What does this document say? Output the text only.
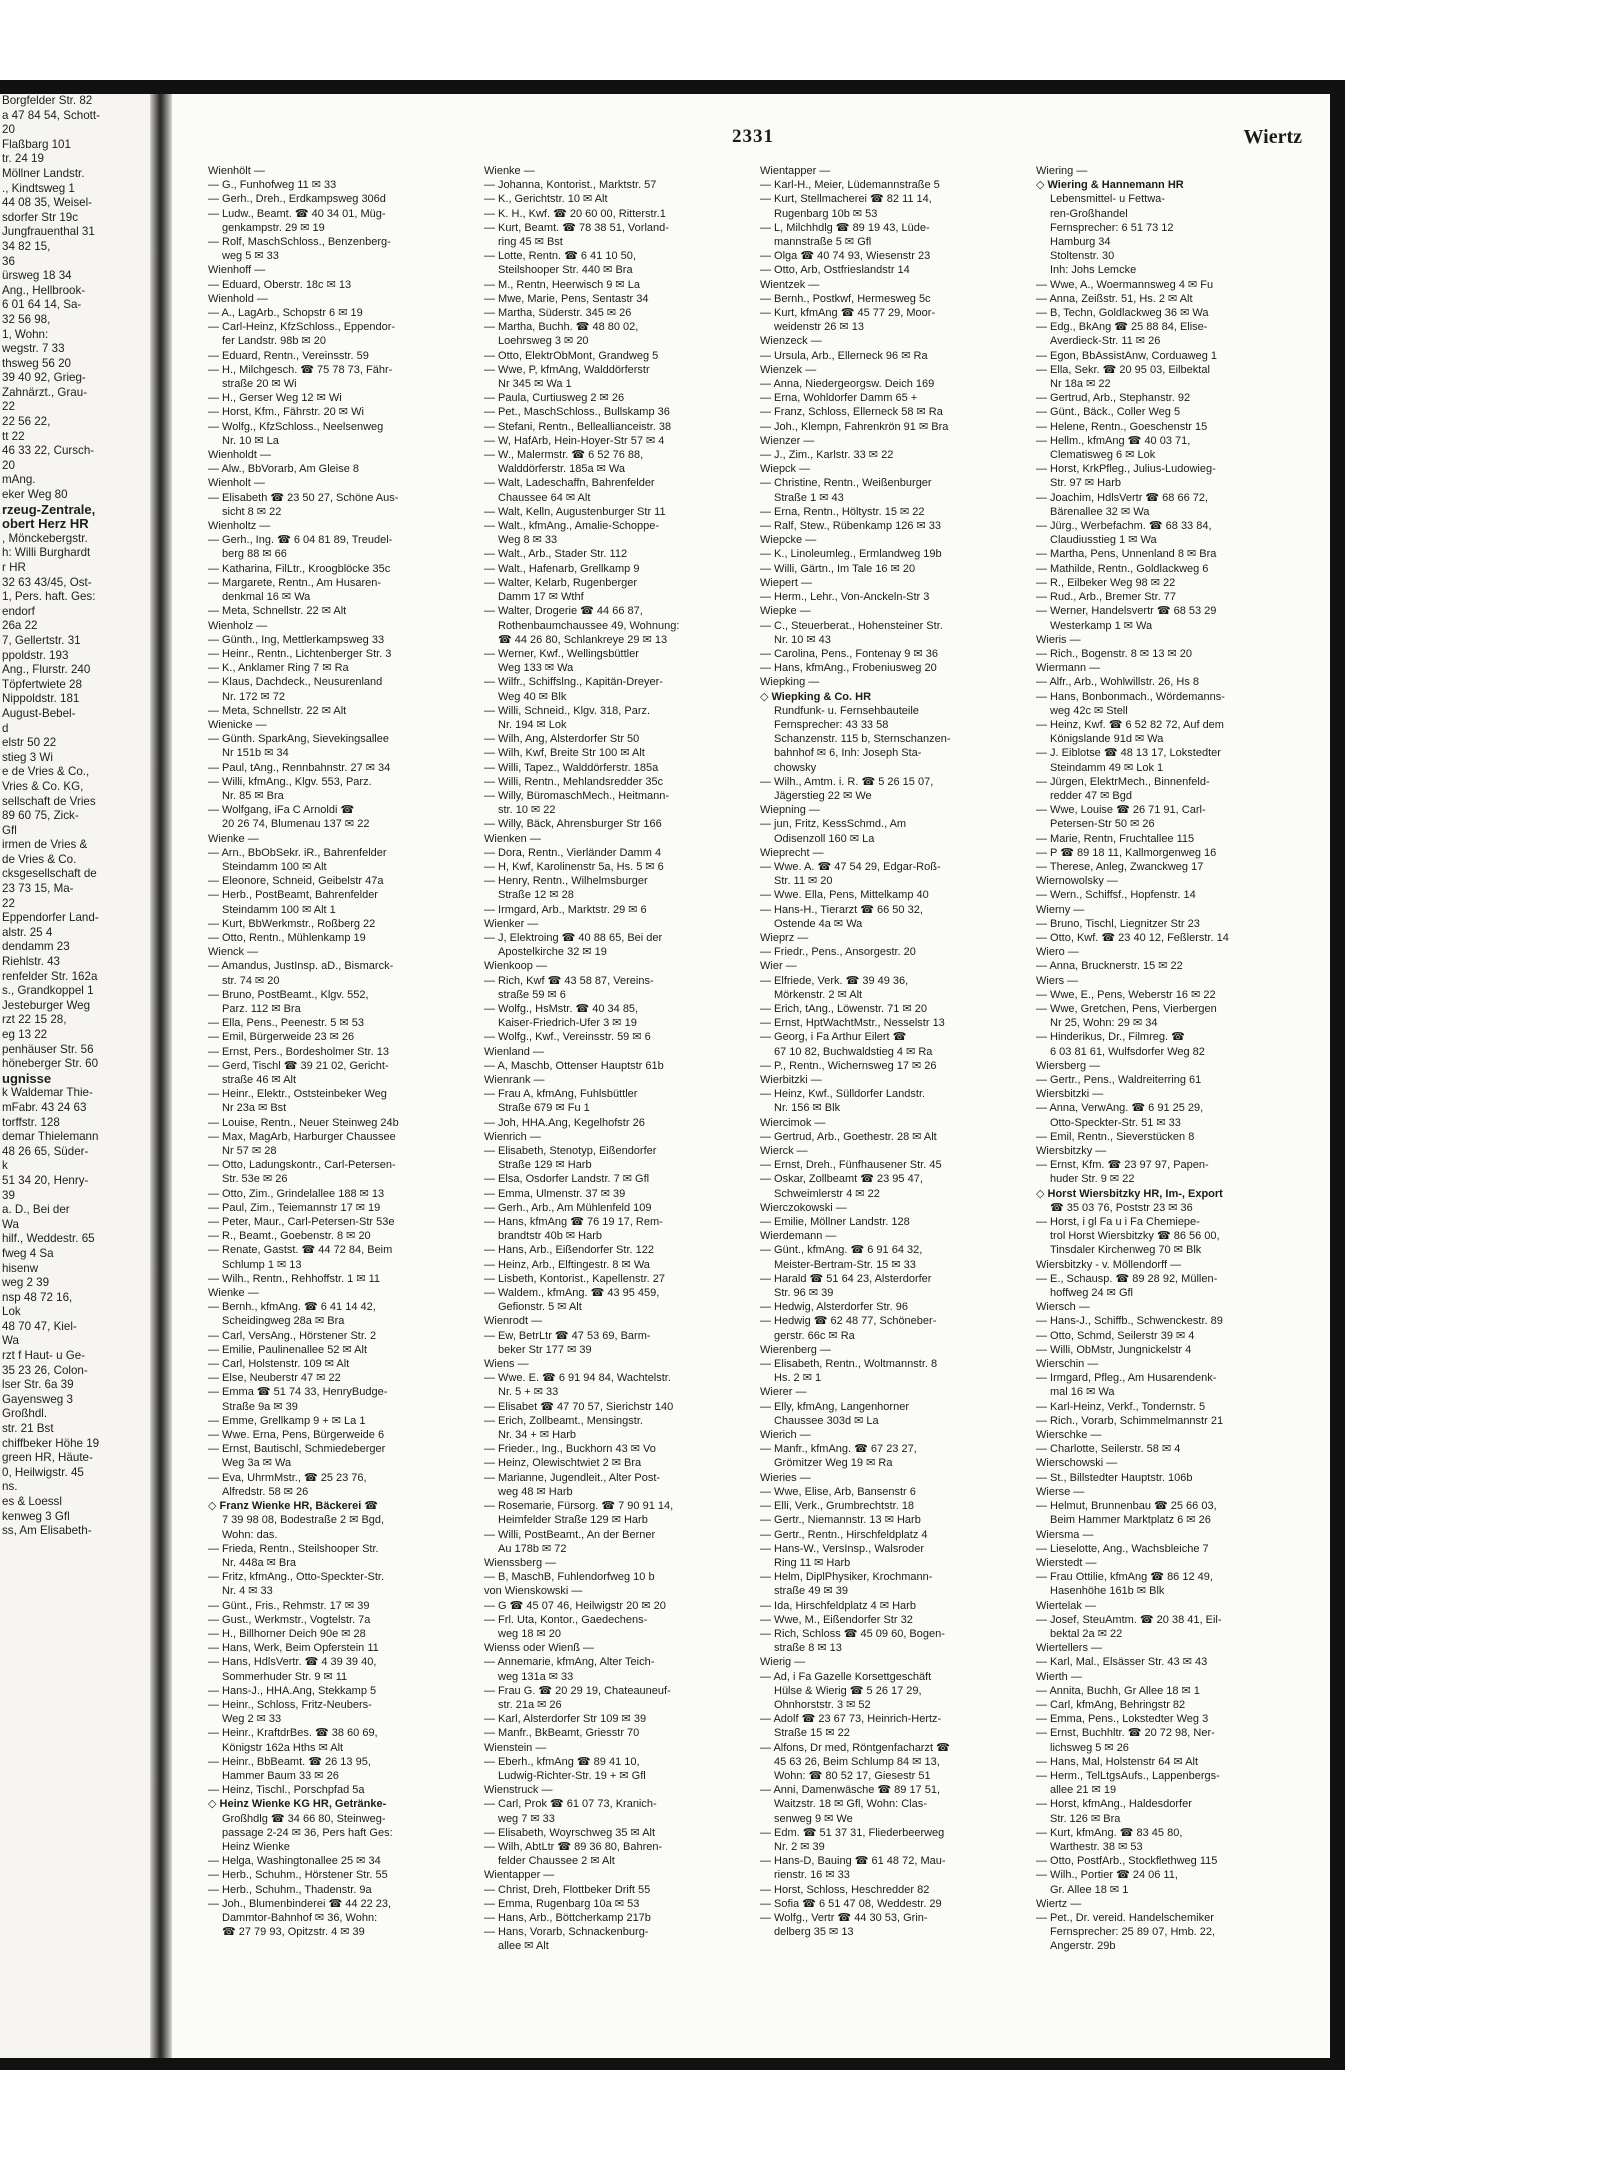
Borgfelder Str. 82
a 47 84 54, Schott-
20
Flaßbarg 101
tr. 24 19
Möllner Landstr.
., Kindtsweg 1
44 08 35, Weisel-
sdorfer Str 19c
Jungfrauenthal 31
34 82 15,
36
ürsweg 18 34
Ang., Hellbrook-
6 01 64 14, Sa-
32 56 98,
1, Wohn:
wegstr. 7 33
thsweg 56 20
39 40 92, Grieg-
Zahnärzt., Grau-
22
22 56 22,
tt 22
46 33 22, Cursch-
20
mAng.
eker Weg 80
rzeug-Zentrale,
obert Herz HR
, Mönckebergstr.
h: Willi Burghardt
r HR
32 63 43/45, Ost-
1, Pers. haft. Ges:
endorf
26a 22
7, Gellertstr. 31
ppoldstr. 193
Ang., Flurstr. 240
Töpfertwiete 28
Nippoldstr. 181
August-Bebel-
d
elstr 50 22
stieg 3 Wi
e de Vries & Co.,
Vries & Co. KG,
sellschaft de Vries
89 60 75, Zick-
Gfl
irmen de Vries &
de Vries & Co.
cksgesellschaft de
23 73 15, Ma-
22
Eppendorfer Land-
alstr. 25 4
dendamm 23
Riehlstr. 43
renfelder Str. 162a
s., Grandkoppel 1
Jesteburger Weg
rzt 22 15 28,
eg 13 22
penhäuser Str. 56
höneberger Str. 60
ugnisse
k Waldemar Thie-
mFabr. 43 24 63
torffstr. 128
demar Thielemann
48 26 65, Süder-
k
51 34 20, Henry-
39
a. D., Bei der
Wa
hilf., Weddestr. 65
fweg 4 Sa
hisenw
weg 2 39
nsp 48 72 16,
Lok
48 70 47, Kiel-
Wa
rzt f Haut- u Ge-
35 23 26, Colon-
lser Str. 6a 39
Gayensweg 3
Großhdl.
str. 21 Bst
chiffbeker Höhe 19
green HR, Häute-
0, Heilwigstr. 45
ns.
es & Loessl
kenweg 3 Gfl
ss, Am Elisabeth-
2331	Wiertz
Wienhölt —
— G., Funhofweg 11 ✉ 33
— Gerh., Dreh., Erdkampsweg 306d
— Ludw., Beamt. ☎ 40 34 01, Müg-
genkampstr. 29 ✉ 19
— Rolf, MaschSchloss., Benzenberg-
weg 5 ✉ 33
Wienhoff —
— Eduard, Oberstr. 18c ✉ 13
Wienhold —
— A., LagArb., Schopstr 6 ✉ 19
— Carl-Heinz, KfzSchloss., Eppendor-
fer Landstr. 98b ✉ 20
— Eduard, Rentn., Vereinsstr. 59
— H., Milchgesch. ☎ 75 78 73, Fähr-
straße 20 ✉ Wi
— H., Gerser Weg 12 ✉ Wi
— Horst, Kfm., Fährstr. 20 ✉ Wi
— Wolfg., KfzSchloss., Neelsenweg
Nr. 10 ✉ La
Wienholdt —
— Alw., BbVorarb, Am Gleise 8
Wienholt —
— Elisabeth ☎ 23 50 27, Schöne Aus-
sicht 8 ✉ 22
Wienholtz —
— Gerh., Ing. ☎ 6 04 81 89, Treudel-
berg 88 ✉ 66
— Katharina, FilLtr., Kroogblöcke 35c
— Margarete, Rentn., Am Husaren-
denkmal 16 ✉ Wa
— Meta, Schnellstr. 22 ✉ Alt
Wienholz —
— Günth., Ing, Mettlerkampsweg 33
— Heinr., Rentn., Lichtenberger Str. 3
— K., Anklamer Ring 7 ✉ Ra
— Klaus, Dachdeck., Neusurenland
Nr. 172 ✉ 72
— Meta, Schnellstr. 22 ✉ Alt
Wienicke —
— Günth. SparkAng, Sievekingsallee
Nr 151b ✉ 34
— Paul, tAng., Rennbahnstr. 27 ✉ 34
— Willi, kfmAng., Klgv. 553, Parz.
Nr. 85 ✉ Bra
— Wolfgang, iFa C Arnoldi ☎
20 26 74, Blumenau 137 ✉ 22
Wienke —
— Arn., BbObSekr. iR., Bahrenfelder
Steindamm 100 ✉ Alt
— Eleonore, Schneid, Geibelstr 47a
— Herb., PostBeamt, Bahrenfelder
Steindamm 100 ✉ Alt 1
— Kurt, BbWerkmstr., Roßberg 22
— Otto, Rentn., Mühlenkamp 19
Wienck —
— Amandus, JustInsp. aD., Bismarck-
str. 74 ✉ 20
— Bruno, PostBeamt., Klgv. 552,
Parz. 112 ✉ Bra
— Ella, Pens., Peenestr. 5 ✉ 53
— Emil, Bürgerweide 23 ✉ 26
— Ernst, Pers., Bordesholmer Str. 13
— Gerd, Tischl ☎ 39 21 02, Gericht-
straße 46 ✉ Alt
— Heinr., Elektr., Oststeinbeker Weg
Nr 23a ✉ Bst
— Louise, Rentn., Neuer Steinweg 24b
— Max, MagArb, Harburger Chaussee
Nr 57 ✉ 28
— Otto, Ladungskontr., Carl-Petersen-
Str. 53e ✉ 26
— Otto, Zim., Grindelallee 188 ✉ 13
— Paul, Zim., Teiemannstr 17 ✉ 19
— Peter, Maur., Carl-Petersen-Str 53e
— R., Beamt., Goebenstr. 8 ✉ 20
— Renate, Gastst. ☎ 44 72 84, Beim
Schlump 1 ✉ 13
— Wilh., Rentn., Rehhoffstr. 1 ✉ 11
Wienke —
— Bernh., kfmAng. ☎ 6 41 14 42,
Scheidingweg 28a ✉ Bra
— Carl, VersAng., Hörstener Str. 2
— Emilie, Paulinenallee 52 ✉ Alt
— Carl, Holstenstr. 109 ✉ Alt
— Else, Neuberstr 47 ✉ 22
— Emma ☎ 51 74 33, HenryBudge-
Straße 9a ✉ 39
— Emme, Grellkamp 9 + ✉ La 1
— Wwe. Erna, Pens, Bürgerweide 6
— Ernst, Bautischl, Schmiedeberger
Weg 3a ✉ Wa
— Eva, UhrmMstr., ☎ 25 23 76,
Alfredstr. 58 ✉ 26
◇ Franz Wienke HR, Bäckerei ☎
7 39 98 08, Bodestraße 2 ✉ Bgd,
Wohn: das.
— Frieda, Rentn., Steilshooper Str.
Nr. 448a ✉ Bra
— Fritz, kfmAng., Otto-Speckter-Str.
Nr. 4 ✉ 33
— Günt., Fris., Rehmstr. 17 ✉ 39
— Gust., Werkmstr., Vogtelstr. 7a
— H., Billhorner Deich 90e ✉ 28
— Hans, Werk, Beim Opferstein 11
— Hans, HdlsVertr. ☎ 4 39 39 40,
Sommerhuder Str. 9 ✉ 11
— Hans-J., HHA.Ang, Stekkamp 5
— Heinr., Schloss, Fritz-Neubers-
Weg 2 ✉ 33
— Heinr., KraftdrBes. ☎ 38 60 69,
Königstr 162a Hths ✉ Alt
— Heinr., BbBeamt. ☎ 26 13 95,
Hammer Baum 33 ✉ 26
— Heinz, Tischl., Porschpfad 5a
◇ Heinz Wienke KG HR, Getränke-
Großhdlg ☎ 34 66 80, Steinweg-
passage 2-24 ✉ 36, Pers haft Ges:
Heinz Wienke
— Helga, Washingtonallee 25 ✉ 34
— Herb., Schuhm., Hörstener Str. 55
— Herb., Schuhm., Thadenstr. 9a
— Joh., Blumenbinderei ☎ 44 22 23,
Dammtor-Bahnhof ✉ 36, Wohn:
☎ 27 79 93, Opitzstr. 4 ✉ 39
Wienke —
— Johanna, Kontorist., Marktstr. 57
— K., Gerichtstr. 10 ✉ Alt
— K. H., Kwf. ☎ 20 60 00, Ritterstr.1
— Kurt, Beamt. ☎ 78 38 51, Vorland-
ring 45 ✉ Bst
— Lotte, Rentn. ☎ 6 41 10 50,
Steilshooper Str. 440 ✉ Bra
— M., Rentn, Heerwisch 9 ✉ La
— Mwe, Marie, Pens, Sentastr 34
— Martha, Süderstr. 345 ✉ 26
— Martha, Buchh. ☎ 48 80 02,
Loehrsweg 3 ✉ 20
— Otto, ElektrObMont, Grandweg 5
— Wwe, P, kfmAng, Walddörferstr
Nr 345 ✉ Wa 1
— Paula, Curtiusweg 2 ✉ 26
— Pet., MaschSchloss., Bullskamp 36
— Stefani, Rentn., Belleallianceistr. 38
— W, HafArb, Hein-Hoyer-Str 57 ✉ 4
— W., Malermstr. ☎ 6 52 76 88,
Walddörferstr. 185a ✉ Wa
— Walt, Ladeschaffn, Bahrenfelder
Chaussee 64 ✉ Alt
— Walt, Kelln, Augustenburger Str 11
— Walt., kfmAng., Amalie-Schoppe-
Weg 8 ✉ 33
— Walt., Arb., Stader Str. 112
— Walt., Hafenarb, Grellkamp 9
— Walter, Kelarb, Rugenberger
Damm 17 ✉ Wthf
— Walter, Drogerie ☎ 44 66 87,
Rothenbaumchaussee 49, Wohnung:
☎ 44 26 80, Schlankreye 29 ✉ 13
— Werner, Kwf., Wellingsbüttler
Weg 133 ✉ Wa
— Wilfr., Schiffslng., Kapitän-Dreyer-
Weg 40 ✉ Blk
— Willi, Schneid., Klgv. 318, Parz.
Nr. 194 ✉ Lok
— Wilh, Ang, Alsterdorfer Str 50
— Wilh, Kwf, Breite Str 100 ✉ Alt
— Willi, Tapez., Walddörferstr. 185a
— Willi, Rentn., Mehlandsredder 35c
— Willy, BüromaschMech., Heitmann-
str. 10 ✉ 22
— Willy, Bäck, Ahrensburger Str 166
Wienken —
— Dora, Rentn., Vierländer Damm 4
— H, Kwf, Karolinenstr 5a, Hs. 5 ✉ 6
— Henry, Rentn., Wilhelmsburger
Straße 12 ✉ 28
— Irmgard, Arb., Marktstr. 29 ✉ 6
Wienker —
— J, Elektroing ☎ 40 88 65, Bei der
Apostelkirche 32 ✉ 19
Wienkoop —
— Rich, Kwf ☎ 43 58 87, Vereins-
straße 59 ✉ 6
— Wolfg., HsMstr. ☎ 40 34 85,
Kaiser-Friedrich-Ufer 3 ✉ 19
— Wolfg., Kwf., Vereinsstr. 59 ✉ 6
Wienland —
— A, Maschb, Ottenser Hauptstr 61b
Wienrank —
— Frau A, kfmAng, Fuhlsbüttler
Straße 679 ✉ Fu 1
— Joh, HHA.Ang, Kegelhofstr 26
Wienrich —
— Elisabeth, Stenotyp, Eißendorfer
Straße 129 ✉ Harb
— Elsa, Osdorfer Landstr. 7 ✉ Gfl
— Emma, Ulmenstr. 37 ✉ 39
— Gerh., Arb., Am Mühlenfeld 109
— Hans, kfmAng ☎ 76 19 17, Rem-
brandtstr 40b ✉ Harb
— Hans, Arb., Eißendorfer Str. 122
— Heinz, Arb., Elftingestr. 8 ✉ Wa
— Lisbeth, Kontorist., Kapellenstr. 27
— Waldem., kfmAng. ☎ 43 95 459,
Gefionstr. 5 ✉ Alt
Wienrodt —
— Ew, BetrLtr ☎ 47 53 69, Barm-
beker Str 177 ✉ 39
Wiens —
— Wwe. E. ☎ 6 91 94 84, Wachtelstr.
Nr. 5 + ✉ 33
— Elisabet ☎ 47 70 57, Sierichstr 140
— Erich, Zollbeamt., Mensingstr.
Nr. 34 + ✉ Harb
— Frieder., Ing., Buckhorn 43 ✉ Vo
— Heinz, Olewischtwiet 2 ✉ Bra
— Marianne, Jugendleit., Alter Post-
weg 48 ✉ Harb
— Rosemarie, Fürsorg. ☎ 7 90 91 14,
Heimfelder Straße 129 ✉ Harb
— Willi, PostBeamt., An der Berner
Au 178b ✉ 72
Wienssberg —
— B, MaschB, Fuhlendorfweg 10 b
von Wienskowski —
— G ☎ 45 07 46, Heilwigstr 20 ✉ 20
— Frl. Uta, Kontor., Gaedechens-
weg 18 ✉ 20
Wienss oder Wienß —
— Annemarie, kfmAng, Alter Teich-
weg 131a ✉ 33
— Frau G. ☎ 20 29 19, Chateauneuf-
str. 21a ✉ 26
— Karl, Alsterdorfer Str 109 ✉ 39
— Manfr., BkBeamt, Griesstr 70
Wienstein —
— Eberh., kfmAng ☎ 89 41 10,
Ludwig-Richter-Str. 19 + ✉ Gfl
Wienstruck —
— Carl, Prok ☎ 61 07 73, Kranich-
weg 7 ✉ 33
— Elisabeth, Woyrschweg 35 ✉ Alt
— Wilh, AbtLtr ☎ 89 36 80, Bahren-
felder Chaussee 2 ✉ Alt
Wientapper —
— Christ, Dreh, Flottbeker Drift 55
— Emma, Rugenbarg 10a ✉ 53
— Hans, Arb., Böttcherkamp 217b
— Hans, Vorarb, Schnackenburg-
allee ✉ Alt
Wientapper —
— Karl-H., Meier, Lüdemannstraße 5
— Kurt, Stellmacherei ☎ 82 11 14,
Rugenbarg 10b ✉ 53
— L, Milchhdlg ☎ 89 19 43, Lüde-
mannstraße 5 ✉ Gfl
— Olga ☎ 40 74 93, Wiesenstr 23
— Otto, Arb, Ostfrieslandstr 14
Wientzek —
— Bernh., Postkwf, Hermesweg 5c
— Kurt, kfmAng ☎ 45 77 29, Moor-
weidenstr 26 ✉ 13
Wienzeck —
— Ursula, Arb., Ellerneck 96 ✉ Ra
Wienzek —
— Anna, Niedergeorgsw. Deich 169
— Erna, Wohldorfer Damm 65 +
— Franz, Schloss, Ellerneck 58 ✉ Ra
— Joh., Klempn, Fahrenkrön 91 ✉ Bra
Wienzer —
— J., Zim., Karlstr. 33 ✉ 22
Wiepck —
— Christine, Rentn., Weißenburger
Straße 1 ✉ 43
— Erna, Rentn., Höltystr. 15 ✉ 22
— Ralf, Stew., Rübenkamp 126 ✉ 33
Wiepcke —
— K., Linoleumleg., Ermlandweg 19b
— Willi, Gärtn., Im Tale 16 ✉ 20
Wiepert —
— Herm., Lehr., Von-Anckeln-Str 3
Wiepke —
— C., Steuerberat., Hohensteiner Str.
Nr. 10 ✉ 43
— Carolina, Pens., Fontenay 9 ✉ 36
— Hans, kfmAng., Frobeniusweg 20
Wiepking —
◇ Wiepking & Co. HR
Rundfunk- u. Fernsehbauteile
Fernsprecher: 43 33 58
Schanzenstr. 115 b, Sternschanzen-
bahnhof ✉ 6, Inh: Joseph Sta-
chowsky
— Wilh., Amtm. i. R. ☎ 5 26 15 07,
Jägerstieg 22 ✉ We
Wiepning —
— jun, Fritz, KessSchmd., Am
Odisenzoll 160 ✉ La
Wieprecht —
— Wwe. A. ☎ 47 54 29, Edgar-Roß-
Str. 11 ✉ 20
— Wwe. Ella, Pens, Mittelkamp 40
— Hans-H., Tierarzt ☎ 66 50 32,
Ostende 4a ✉ Wa
Wieprz —
— Friedr., Pens., Ansorgestr. 20
Wier —
— Elfriede, Verk. ☎ 39 49 36,
Mörkenstr. 2 ✉ Alt
— Erich, tAng., Löwenstr. 71 ✉ 20
— Ernst, HptWachtMstr., Nesselstr 13
— Georg, i Fa Arthur Eilert ☎
67 10 82, Buchwaldstieg 4 ✉ Ra
— P., Rentn., Wichernsweg 17 ✉ 26
Wierbitzki —
— Heinz, Kwf., Sülldorfer Landstr.
Nr. 156 ✉ Blk
Wiercimok —
— Gertrud, Arb., Goethestr. 28 ✉ Alt
Wierck —
— Ernst, Dreh., Fünfhausener Str. 45
— Oskar, Zollbeamt ☎ 23 95 47,
Schweimlerstr 4 ✉ 22
Wierczokowski —
— Emilie, Möllner Landstr. 128
Wierdemann —
— Günt., kfmAng. ☎ 6 91 64 32,
Meister-Bertram-Str. 15 ✉ 33
— Harald ☎ 51 64 23, Alsterdorfer
Str. 96 ✉ 39
— Hedwig, Alsterdorfer Str. 96
— Hedwig ☎ 62 48 77, Schöneber-
gerstr. 66c ✉ Ra
Wierenberg —
— Elisabeth, Rentn., Woltmannstr. 8
Hs. 2 ✉ 1
Wierer —
— Elly, kfmAng, Langenhorner
Chaussee 303d ✉ La
Wierich —
— Manfr., kfmAng. ☎ 67 23 27,
Grömitzer Weg 19 ✉ Ra
Wieries —
— Wwe, Elise, Arb, Bansenstr 6
— Elli, Verk., Grumbrechtstr. 18
— Gertr., Niemannstr. 13 ✉ Harb
— Gertr., Rentn., Hirschfeldplatz 4
— Hans-W., VersInsp., Walsroder
Ring 11 ✉ Harb
— Helm, DiplPhysiker, Krochmann-
straße 49 ✉ 39
— Ida, Hirschfeldplatz 4 ✉ Harb
— Wwe, M., Eißendorfer Str 32
— Rich, Schloss ☎ 45 09 60, Bogen-
straße 8 ✉ 13
Wierig —
— Ad, i Fa Gazelle Korsettgeschäft
Hülse & Wierig ☎ 5 26 17 29,
Ohnhorststr. 3 ✉ 52
— Adolf ☎ 23 67 73, Heinrich-Hertz-
Straße 15 ✉ 22
— Alfons, Dr med, Röntgenfacharzt ☎
45 63 26, Beim Schlump 84 ✉ 13,
Wohn: ☎ 80 52 17, Giesestr 51
— Anni, Damenwäsche ☎ 89 17 51,
Waitzstr. 18 ✉ Gfl, Wohn: Clas-
senweg 9 ✉ We
— Edm. ☎ 51 37 31, Fliederbeerweg
Nr. 2 ✉ 39
— Hans-D, Bauing ☎ 61 48 72, Mau-
rienstr. 16 ✉ 33
— Horst, Schloss, Heschredder 82
— Sofia ☎ 6 51 47 08, Weddestr. 29
— Wolfg., Vertr ☎ 44 30 53, Grin-
delberg 35 ✉ 13
Wiering —
◇ Wiering & Hannemann HR
Lebensmittel- u Fettwa-
ren-Großhandel
Fernsprecher: 6 51 73 12
Hamburg 34
Stoltenstr. 30
Inh: Johs Lemcke
— Wwe, A., Woermannsweg 4 ✉ Fu
— Anna, Zeißstr. 51, Hs. 2 ✉ Alt
— B, Techn, Goldlackweg 36 ✉ Wa
— Edg., BkAng ☎ 25 88 84, Elise-
Averdieck-Str. 11 ✉ 26
— Egon, BbAssistAnw, Corduaweg 1
— Ella, Sekr. ☎ 20 95 03, Eilbektal
Nr 18a ✉ 22
— Gertrud, Arb., Stephanstr. 92
— Günt., Bäck., Coller Weg 5
— Helene, Rentn., Goeschenstr 15
— Hellm., kfmAng ☎ 40 03 71,
Clematisweg 6 ✉ Lok
— Horst, KrkPfleg., Julius-Ludowieg-
Str. 97 ✉ Harb
— Joachim, HdlsVertr ☎ 68 66 72,
Bärenallee 32 ✉ Wa
— Jürg., Werbefachm. ☎ 68 33 84,
Claudiusstieg 1 ✉ Wa
— Martha, Pens, Unnenland 8 ✉ Bra
— Mathilde, Rentn., Goldlackweg 6
— R., Eilbeker Weg 98 ✉ 22
— Rud., Arb., Bremer Str. 77
— Werner, Handelsvertr ☎ 68 53 29
Westerkamp 1 ✉ Wa
Wieris —
— Rich., Bogenstr. 8 ✉ 13 ✉ 20
Wiermann —
— Alfr., Arb., Wohlwillstr. 26, Hs 8
— Hans, Bonbonmach., Wördemanns-
weg 42c ✉ Stell
— Heinz, Kwf. ☎ 6 52 82 72, Auf dem
Königslande 91d ✉ Wa
— J. Eiblotse ☎ 48 13 17, Lokstedter
Steindamm 49 ✉ Lok 1
— Jürgen, ElektrMech., Binnenfeld-
redder 47 ✉ Bgd
— Wwe, Louise ☎ 26 71 91, Carl-
Petersen-Str 50 ✉ 26
— Marie, Rentn, Fruchtallee 115
— P ☎ 89 18 11, Kallmorgenweg 16
— Therese, Anleg, Zwanckweg 17
Wiernowolsky —
— Wern., Schiffsf., Hopfenstr. 14
Wierny —
— Bruno, Tischl, Liegnitzer Str 23
— Otto, Kwf. ☎ 23 40 12, Feßlerstr. 14
Wiero —
— Anna, Brucknerstr. 15 ✉ 22
Wiers —
— Wwe, E., Pens, Weberstr 16 ✉ 22
— Wwe, Gretchen, Pens, Vierbergen
Nr 25, Wohn: 29 ✉ 34
— Hinderikus, Dr., Filmreg. ☎
6 03 81 61, Wulfsdorfer Weg 82
Wiersberg —
— Gertr., Pens., Waldreiterring 61
Wiersbitzki —
— Anna, VerwAng. ☎ 6 91 25 29,
Otto-Speckter-Str. 51 ✉ 33
— Emil, Rentn., Sieverstücken 8
Wiersbitzky —
— Ernst, Kfm. ☎ 23 97 97, Papen-
huder Str. 9 ✉ 22
◇ Horst Wiersbitzky HR, Im-, Export
☎ 35 03 76, Poststr 23 ✉ 36
— Horst, i gl Fa u i Fa Chemiepe-
trol Horst Wiersbitzky ☎ 86 56 00,
Tinsdaler Kirchenweg 70 ✉ Blk
Wiersbitzky - v. Möllendorff —
— E., Schausp. ☎ 89 28 92, Müllen-
hoffweg 24 ✉ Gfl
Wiersch —
— Hans-J., Schiffb., Schwenckestr. 89
— Otto, Schmd, Seilerstr 39 ✉ 4
— Willi, ObMstr, Jungnickelstr 4
Wierschin —
— Irmgard, Pfleg., Am Husarendenk-
mal 16 ✉ Wa
— Karl-Heinz, Verkf., Tondernstr. 5
— Rich., Vorarb, Schimmelmannstr 21
Wierschke —
— Charlotte, Seilerstr. 58 ✉ 4
Wierschowski —
— St., Billstedter Hauptstr. 106b
Wierse —
— Helmut, Brunnenbau ☎ 25 66 03,
Beim Hammer Marktplatz 6 ✉ 26
Wiersma —
— Lieselotte, Ang., Wachsbleiche 7
Wierstedt —
— Frau Ottilie, kfmAng ☎ 86 12 49,
Hasenhöhe 161b ✉ Blk
Wiertelak —
— Josef, SteuAmtm. ☎ 20 38 41, Eil-
bektal 2a ✉ 22
Wiertellers —
— Karl, Mal., Elsässer Str. 43 ✉ 43
Wierth —
— Annita, Buchh, Gr Allee 18 ✉ 1
— Carl, kfmAng, Behringstr 82
— Emma, Pens., Lokstedter Weg 3
— Ernst, Buchhltr. ☎ 20 72 98, Ner-
lichsweg 5 ✉ 26
— Hans, Mal, Holstenstr 64 ✉ Alt
— Herm., TelLtgsAufs., Lappenbergs-
allee 21 ✉ 19
— Horst, kfmAng., Haldesdorfer
Str. 126 ✉ Bra
— Kurt, kfmAng. ☎ 83 45 80,
Warthestr. 38 ✉ 53
— Otto, PostfArb., Stockflethweg 115
— Wilh., Portier ☎ 24 06 11,
Gr. Allee 18 ✉ 1
Wiertz —
— Pet., Dr. vereid. Handelschemiker
Fernsprecher: 25 89 07, Hmb. 22,
Angerstr. 29b
